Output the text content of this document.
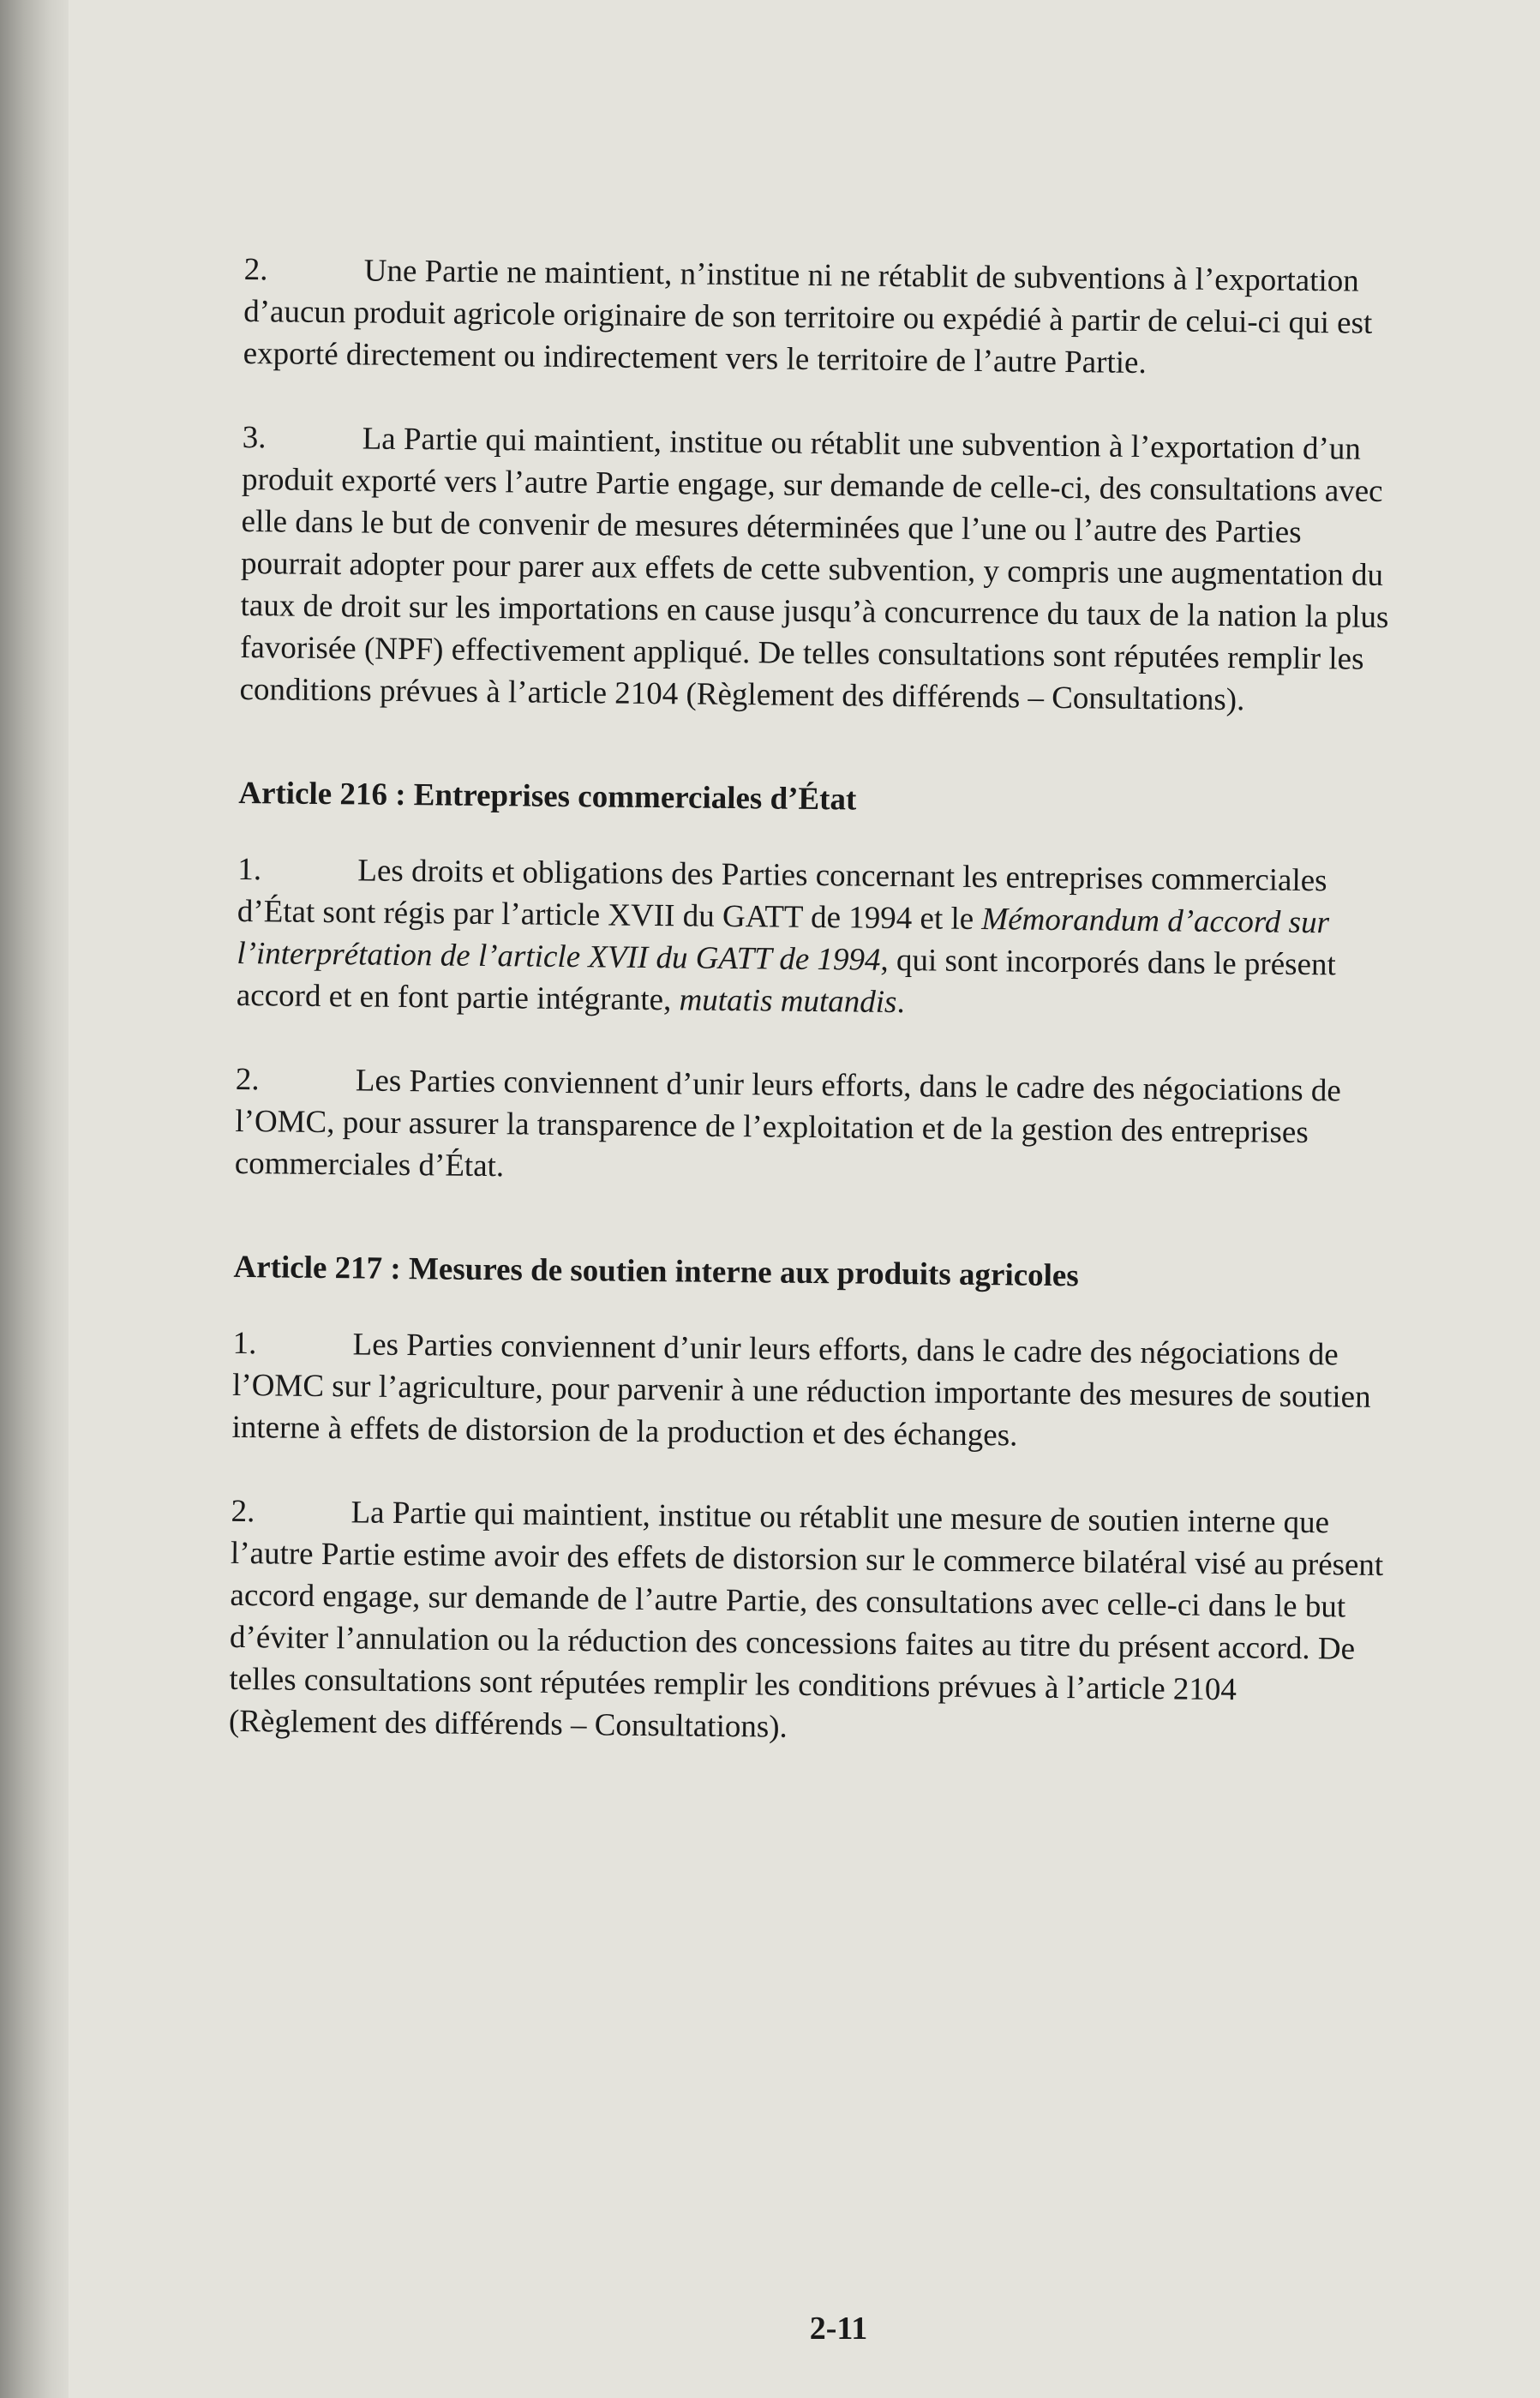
2.	Une Partie ne maintient, n’institue ni ne rétablit de subventions à l’exportation d’aucun produit agricole originaire de son territoire ou expédié à partir de celui-ci qui est exporté directement ou indirectement vers le territoire de l’autre Partie.

3.	La Partie qui maintient, institue ou rétablit une subvention à l’exportation d’un produit exporté vers l’autre Partie engage, sur demande de celle-ci, des consultations avec elle dans le but de convenir de mesures déterminées que l’une ou l’autre des Parties pourrait adopter pour parer aux effets de cette subvention, y compris une augmentation du taux de droit sur les importations en cause jusqu’à concurrence du taux de la nation la plus favorisée (NPF) effectivement appliqué. De telles consultations sont réputées remplir les conditions prévues à l’article 2104 (Règlement des différends – Consultations).

Article 216 : Entreprises commerciales d’État

1.	Les droits et obligations des Parties concernant les entreprises commerciales d’État sont régis par l’article XVII du GATT de 1994 et le Mémorandum d’accord sur l’interprétation de l’article XVII du GATT de 1994, qui sont incorporés dans le présent accord et en font partie intégrante, mutatis mutandis.

2.	Les Parties conviennent d’unir leurs efforts, dans le cadre des négociations de l’OMC, pour assurer la transparence de l’exploitation et de la gestion des entreprises commerciales d’État.

Article 217 : Mesures de soutien interne aux produits agricoles

1.	Les Parties conviennent d’unir leurs efforts, dans le cadre des négociations de l’OMC sur l’agriculture, pour parvenir à une réduction importante des mesures de soutien interne à effets de distorsion de la production et des échanges.

2.	La Partie qui maintient, institue ou rétablit une mesure de soutien interne que l’autre Partie estime avoir des effets de distorsion sur le commerce bilatéral visé au présent accord engage, sur demande de l’autre Partie, des consultations avec celle-ci dans le but d’éviter l’annulation ou la réduction des concessions faites au titre du présent accord. De telles consultations sont réputées remplir les conditions prévues à l’article 2104 (Règlement des différends – Consultations).

2-11
